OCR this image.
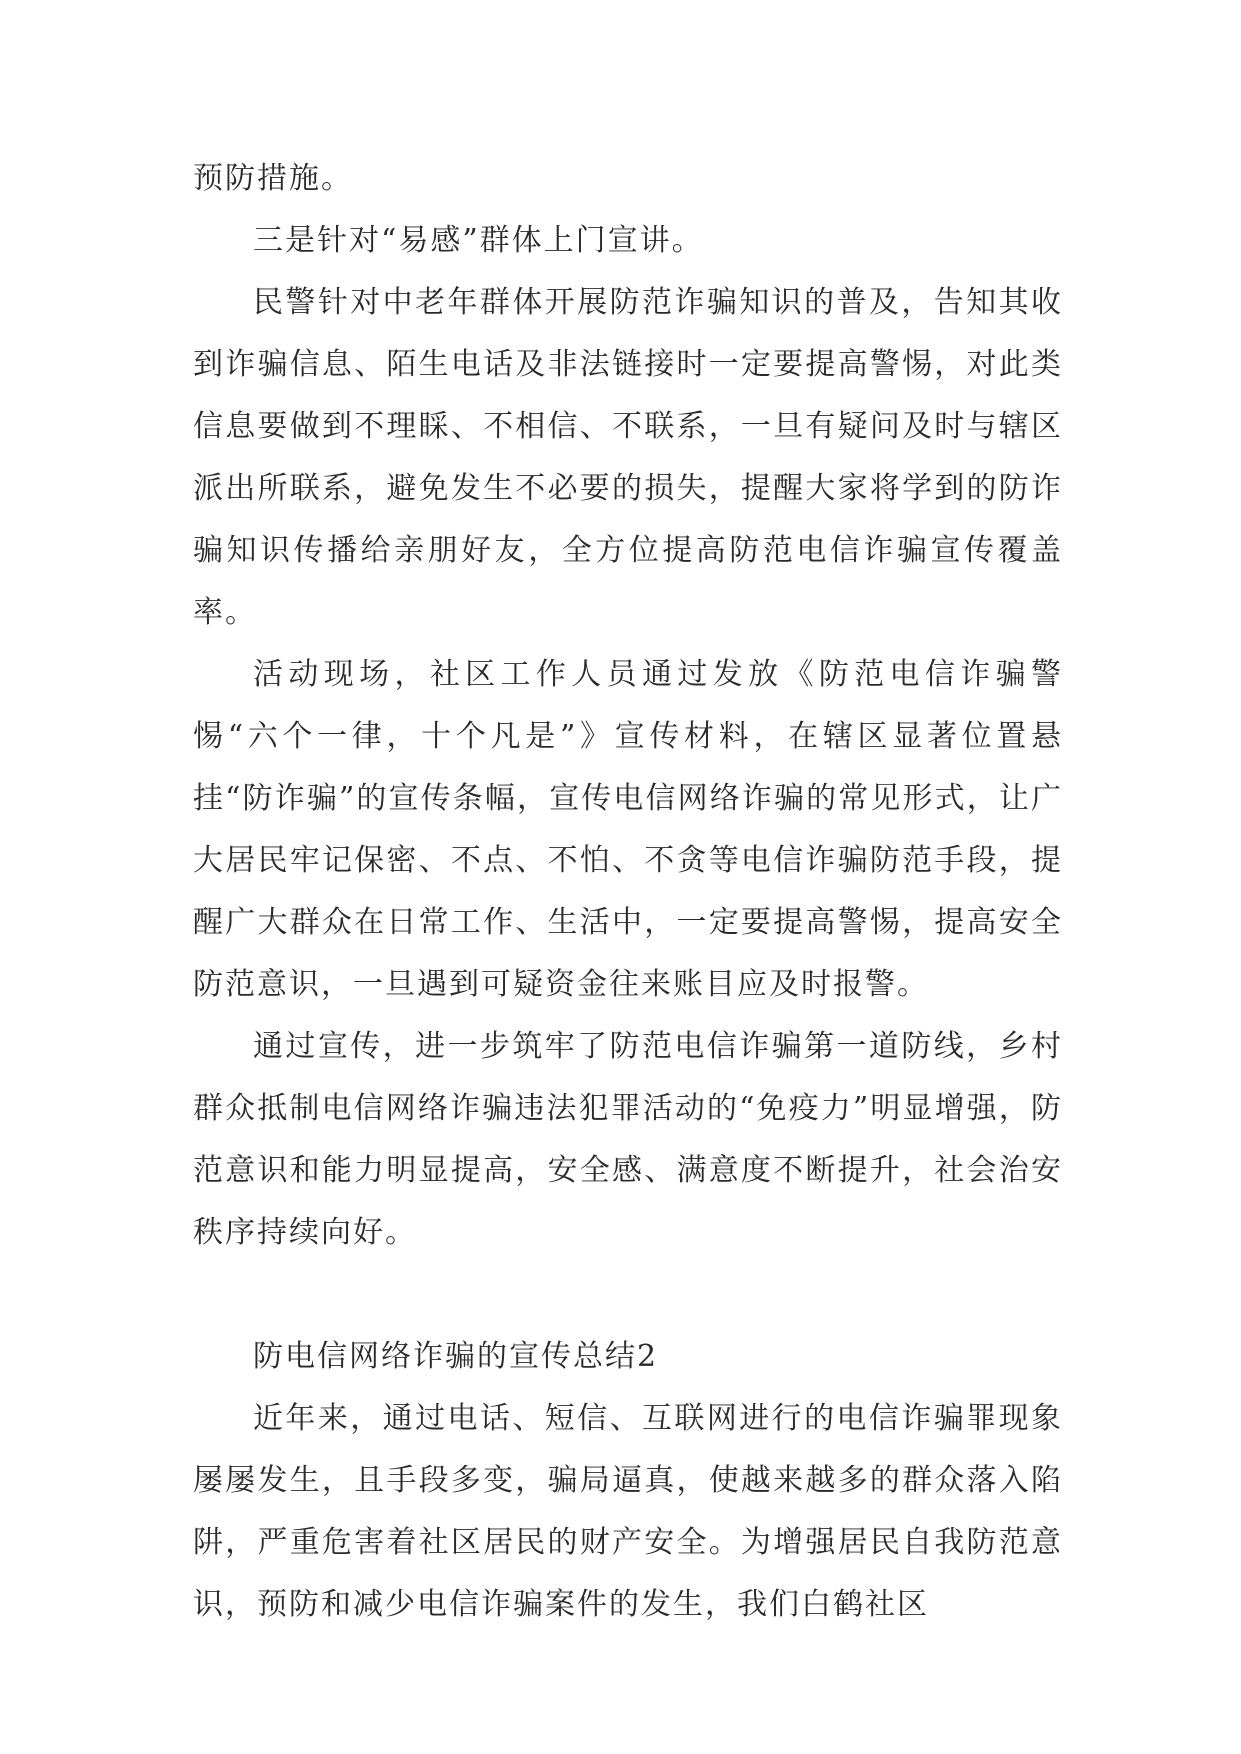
预防措施。

三是针对“易感”群体上门宣讲。

民警针对中老年群体开展防范诈骗知识的普及，告知其收到诈骗信息、陌生电话及非法链接时一定要提高警惕，对此类信息要做到不理睬、不相信、不联系，一旦有疑问及时与辖区派出所联系，避免发生不必要的损失，提醒大家将学到的防诈骗知识传播给亲朋好友，全方位提高防范电信诈骗宣传覆盖率。

活动现场，社区工作人员通过发放《防范电信诈骗警惕“六个一律，十个凡是”》宣传材料，在辖区显著位置悬挂“防诈骗”的宣传条幅，宣传电信网络诈骗的常见形式，让广大居民牢记保密、不点、不怕、不贪等电信诈骗防范手段，提醒广大群众在日常工作、生活中，一定要提高警惕，提高安全防范意识，一旦遇到可疑资金往来账目应及时报警。

通过宣传，进一步筑牢了防范电信诈骗第一道防线，乡村群众抵制电信网络诈骗违法犯罪活动的“免疫力”明显增强，防范意识和能力明显提高，安全感、满意度不断提升，社会治安秩序持续向好。

防电信网络诈骗的宣传总结2

近年来，通过电话、短信、互联网进行的电信诈骗罪现象屡屡发生，且手段多变，骗局逼真，使越来越多的群众落入陷阱，严重危害着社区居民的财产安全。为增强居民自我防范意识，预防和减少电信诈骗案件的发生，我们白鹤社区
